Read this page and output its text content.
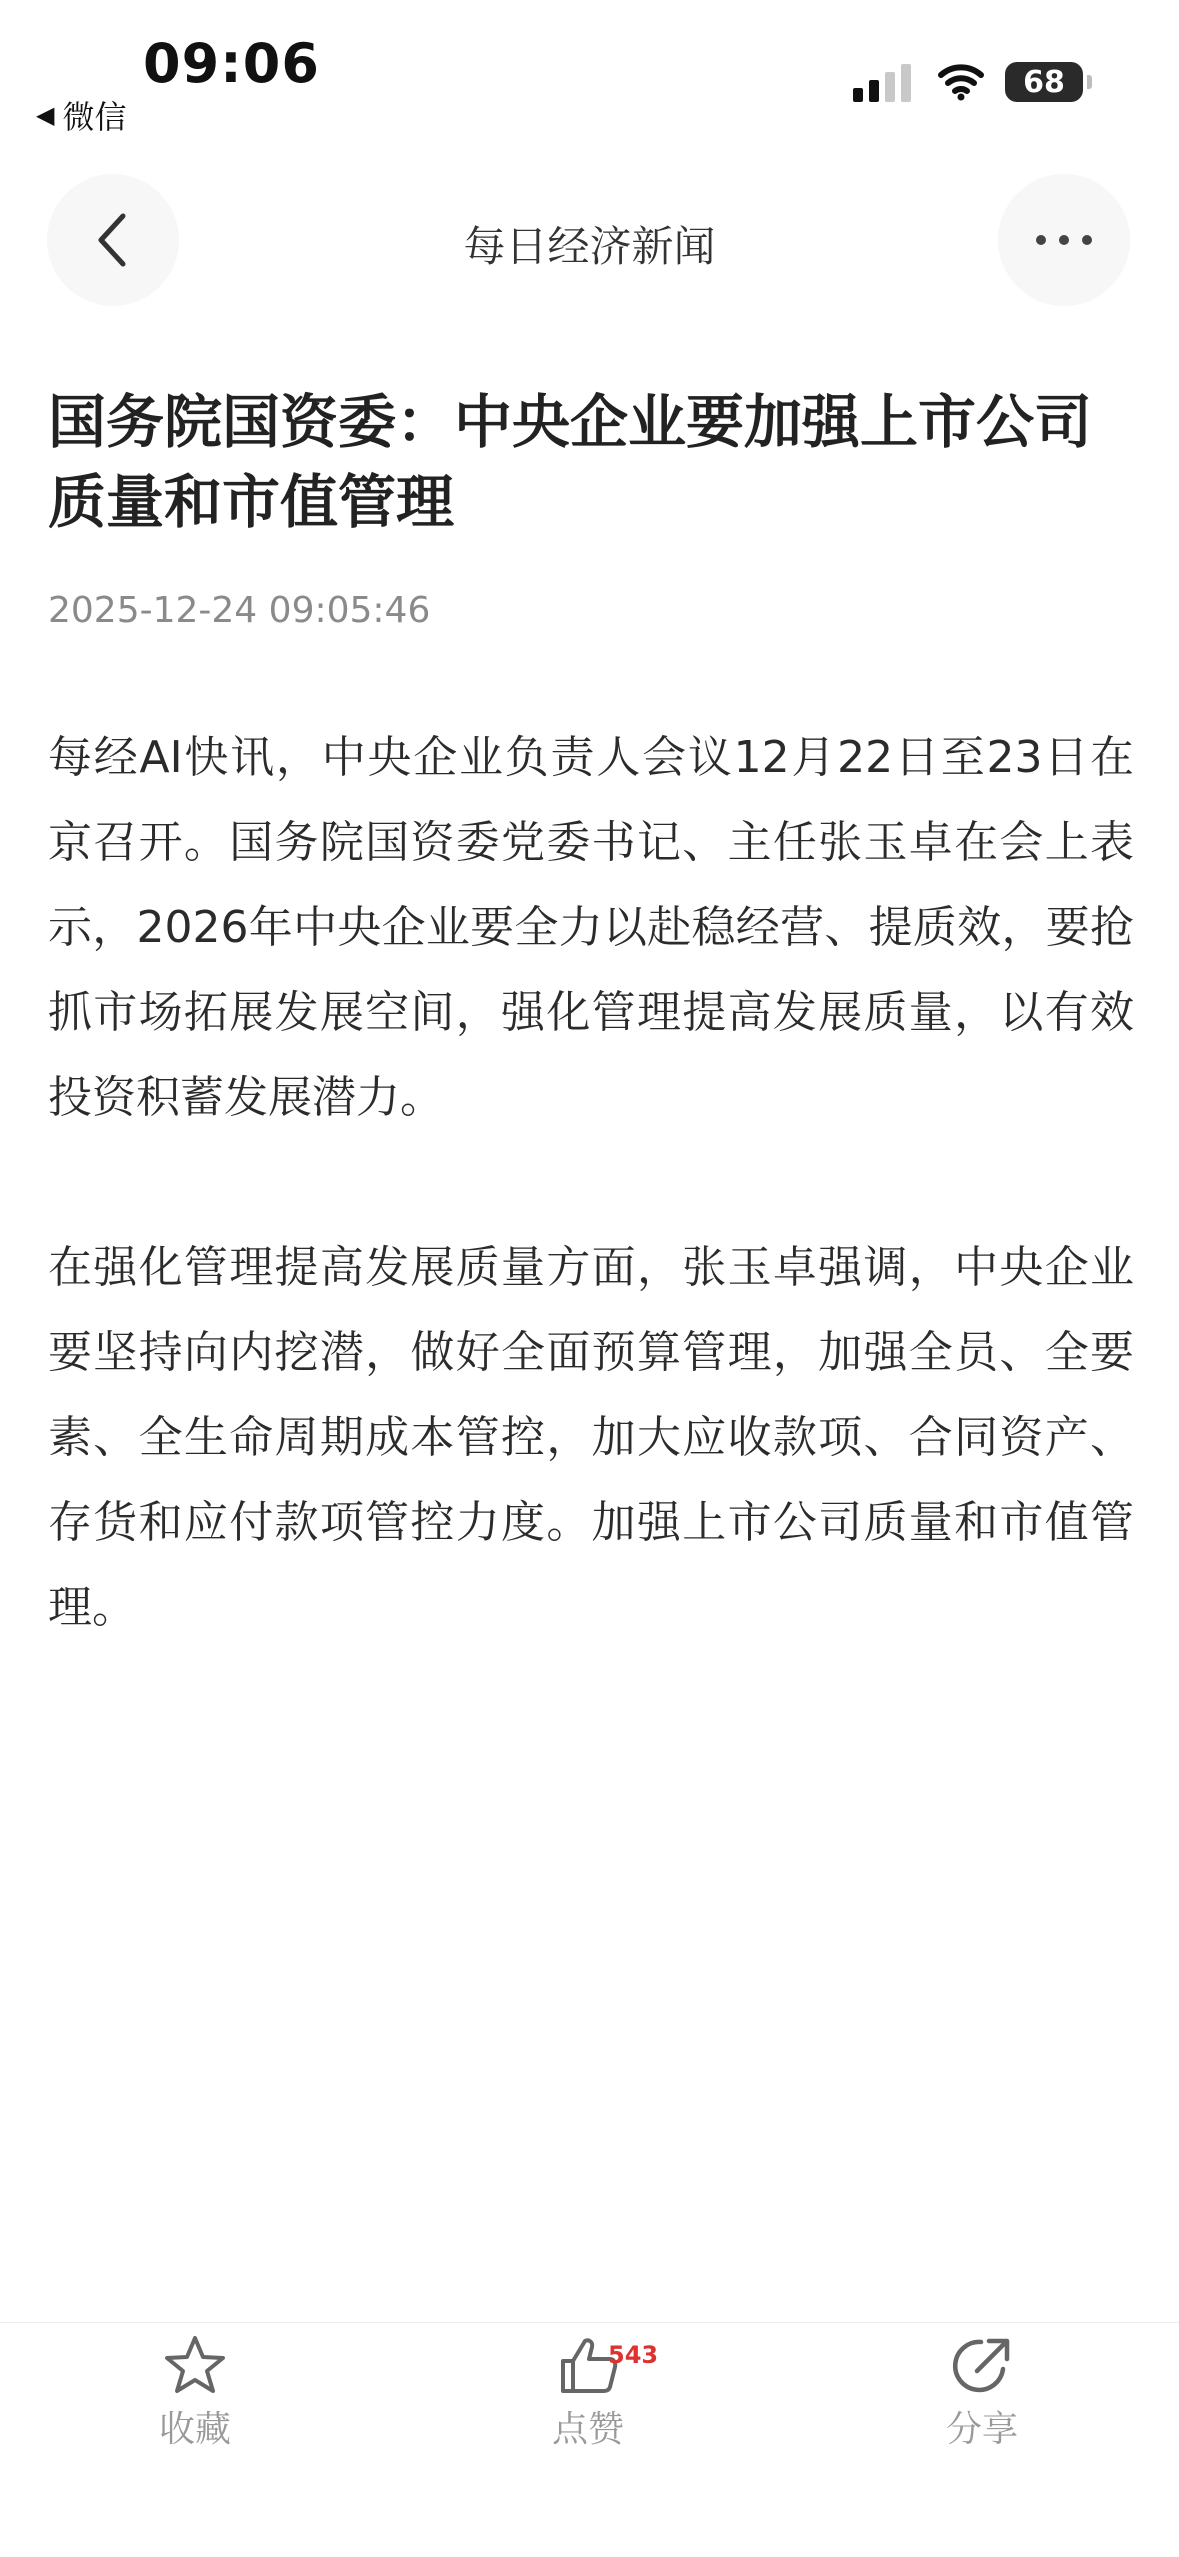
09:06
◀ 微信
68
每日经济新闻
国务院国资委：中央企业要加强上市公司质量和市值管理
2025-12-24 09:05:46

每经AI快讯，中央企业负责人会议12月22日至23日在京召开。国务院国资委党委书记、主任张玉卓在会上表示，2026年中央企业要全力以赴稳经营、提质效，要抢抓市场拓展发展空间，强化管理提高发展质量，以有效投资积蓄发展潜力。

在强化管理提高发展质量方面，张玉卓强调，中央企业要坚持向内挖潜，做好全面预算管理，加强全员、全要素、全生命周期成本管控，加大应收款项、合同资产、存货和应付款项管控力度。加强上市公司质量和市值管理。

收藏
543
点赞	分享
